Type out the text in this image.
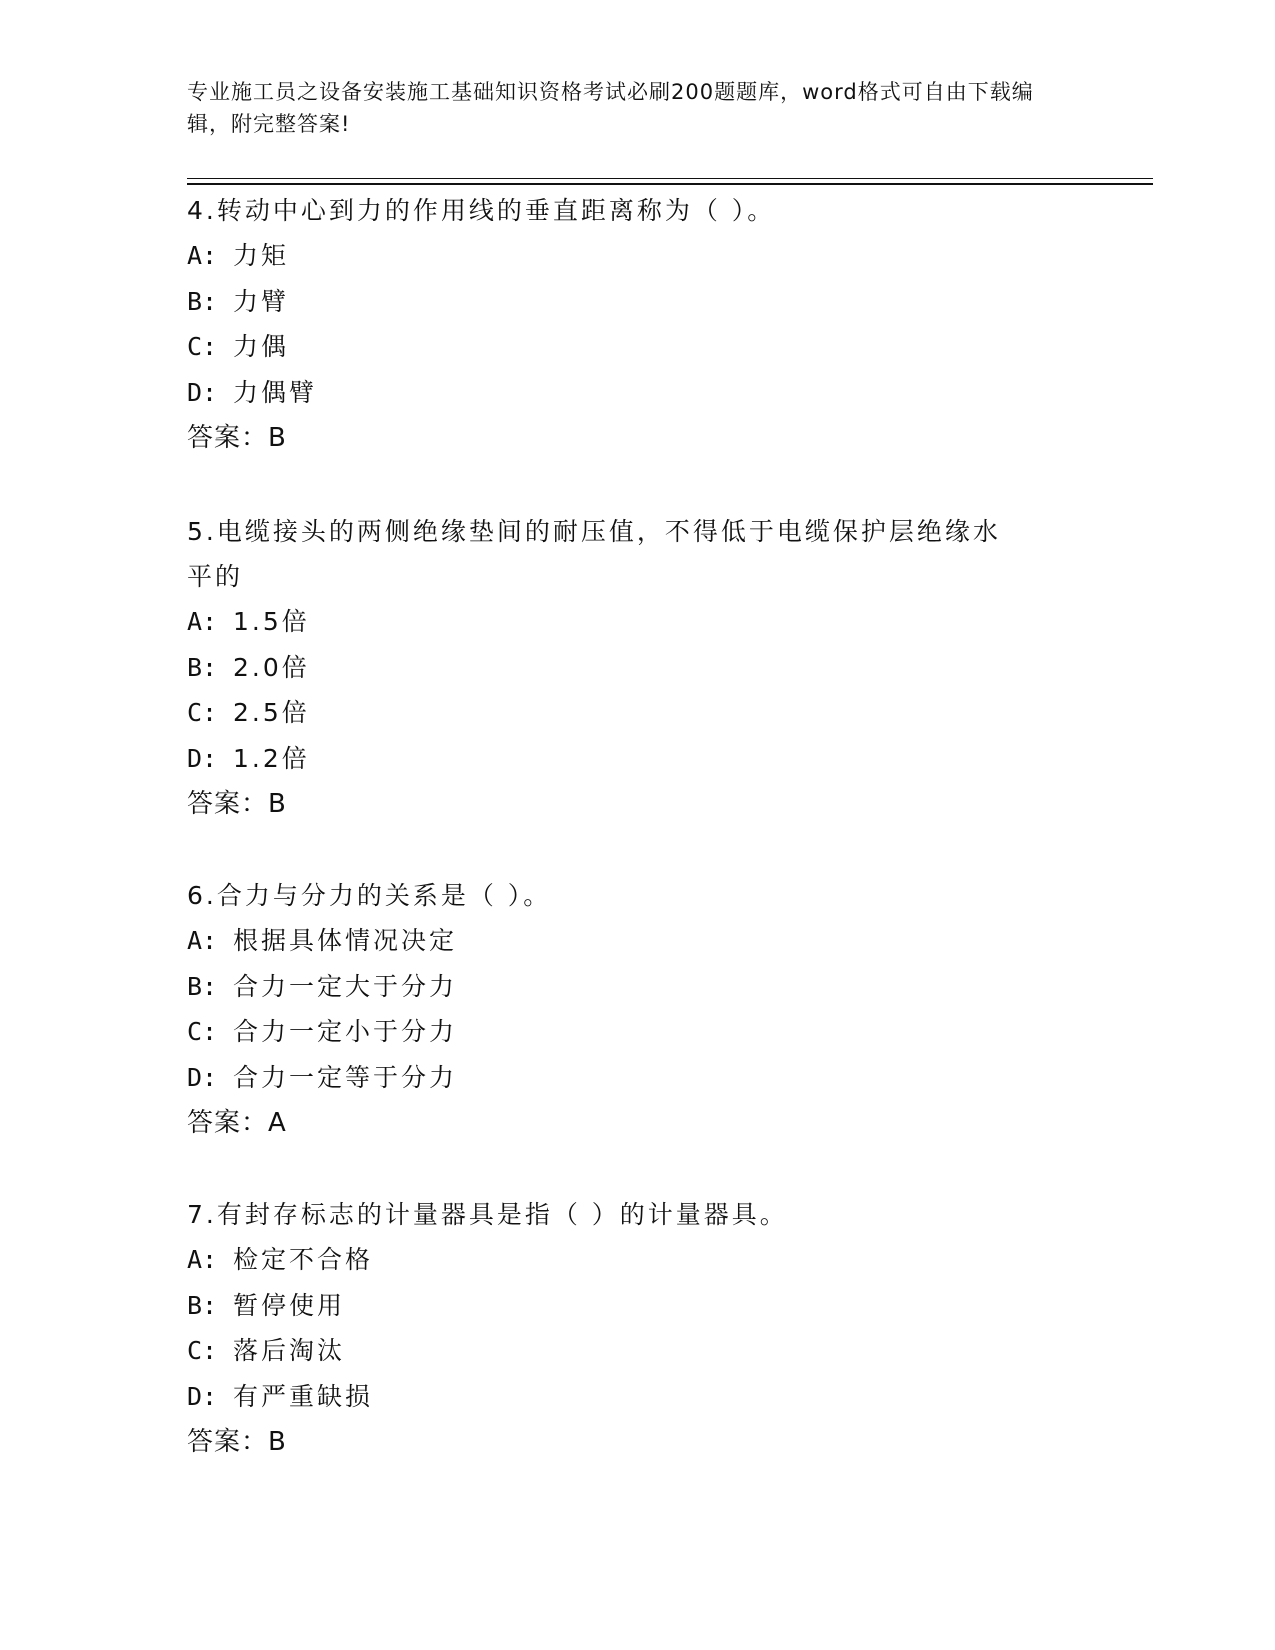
专业施工员之设备安装施工基础知识资格考试必刷200题题库，word格式可自由下载编辑，附完整答案!

4.转动中心到力的作用线的垂直距离称为（ ）。

A: 力矩

B: 力臂

C: 力偶

D: 力偶臂

答案：B

5.电缆接头的两侧绝缘垫间的耐压值，不得低于电缆保护层绝缘水平的

A: 1.5倍

B: 2.0倍

C: 2.5倍

D: 1.2倍

答案：B

6.合力与分力的关系是（ ）。

A: 根据具体情况决定

B: 合力一定大于分力

C: 合力一定小于分力

D: 合力一定等于分力

答案：A

7.有封存标志的计量器具是指（ ）的计量器具。

A: 检定不合格

B: 暂停使用

C: 落后淘汰

D: 有严重缺损

答案：B
